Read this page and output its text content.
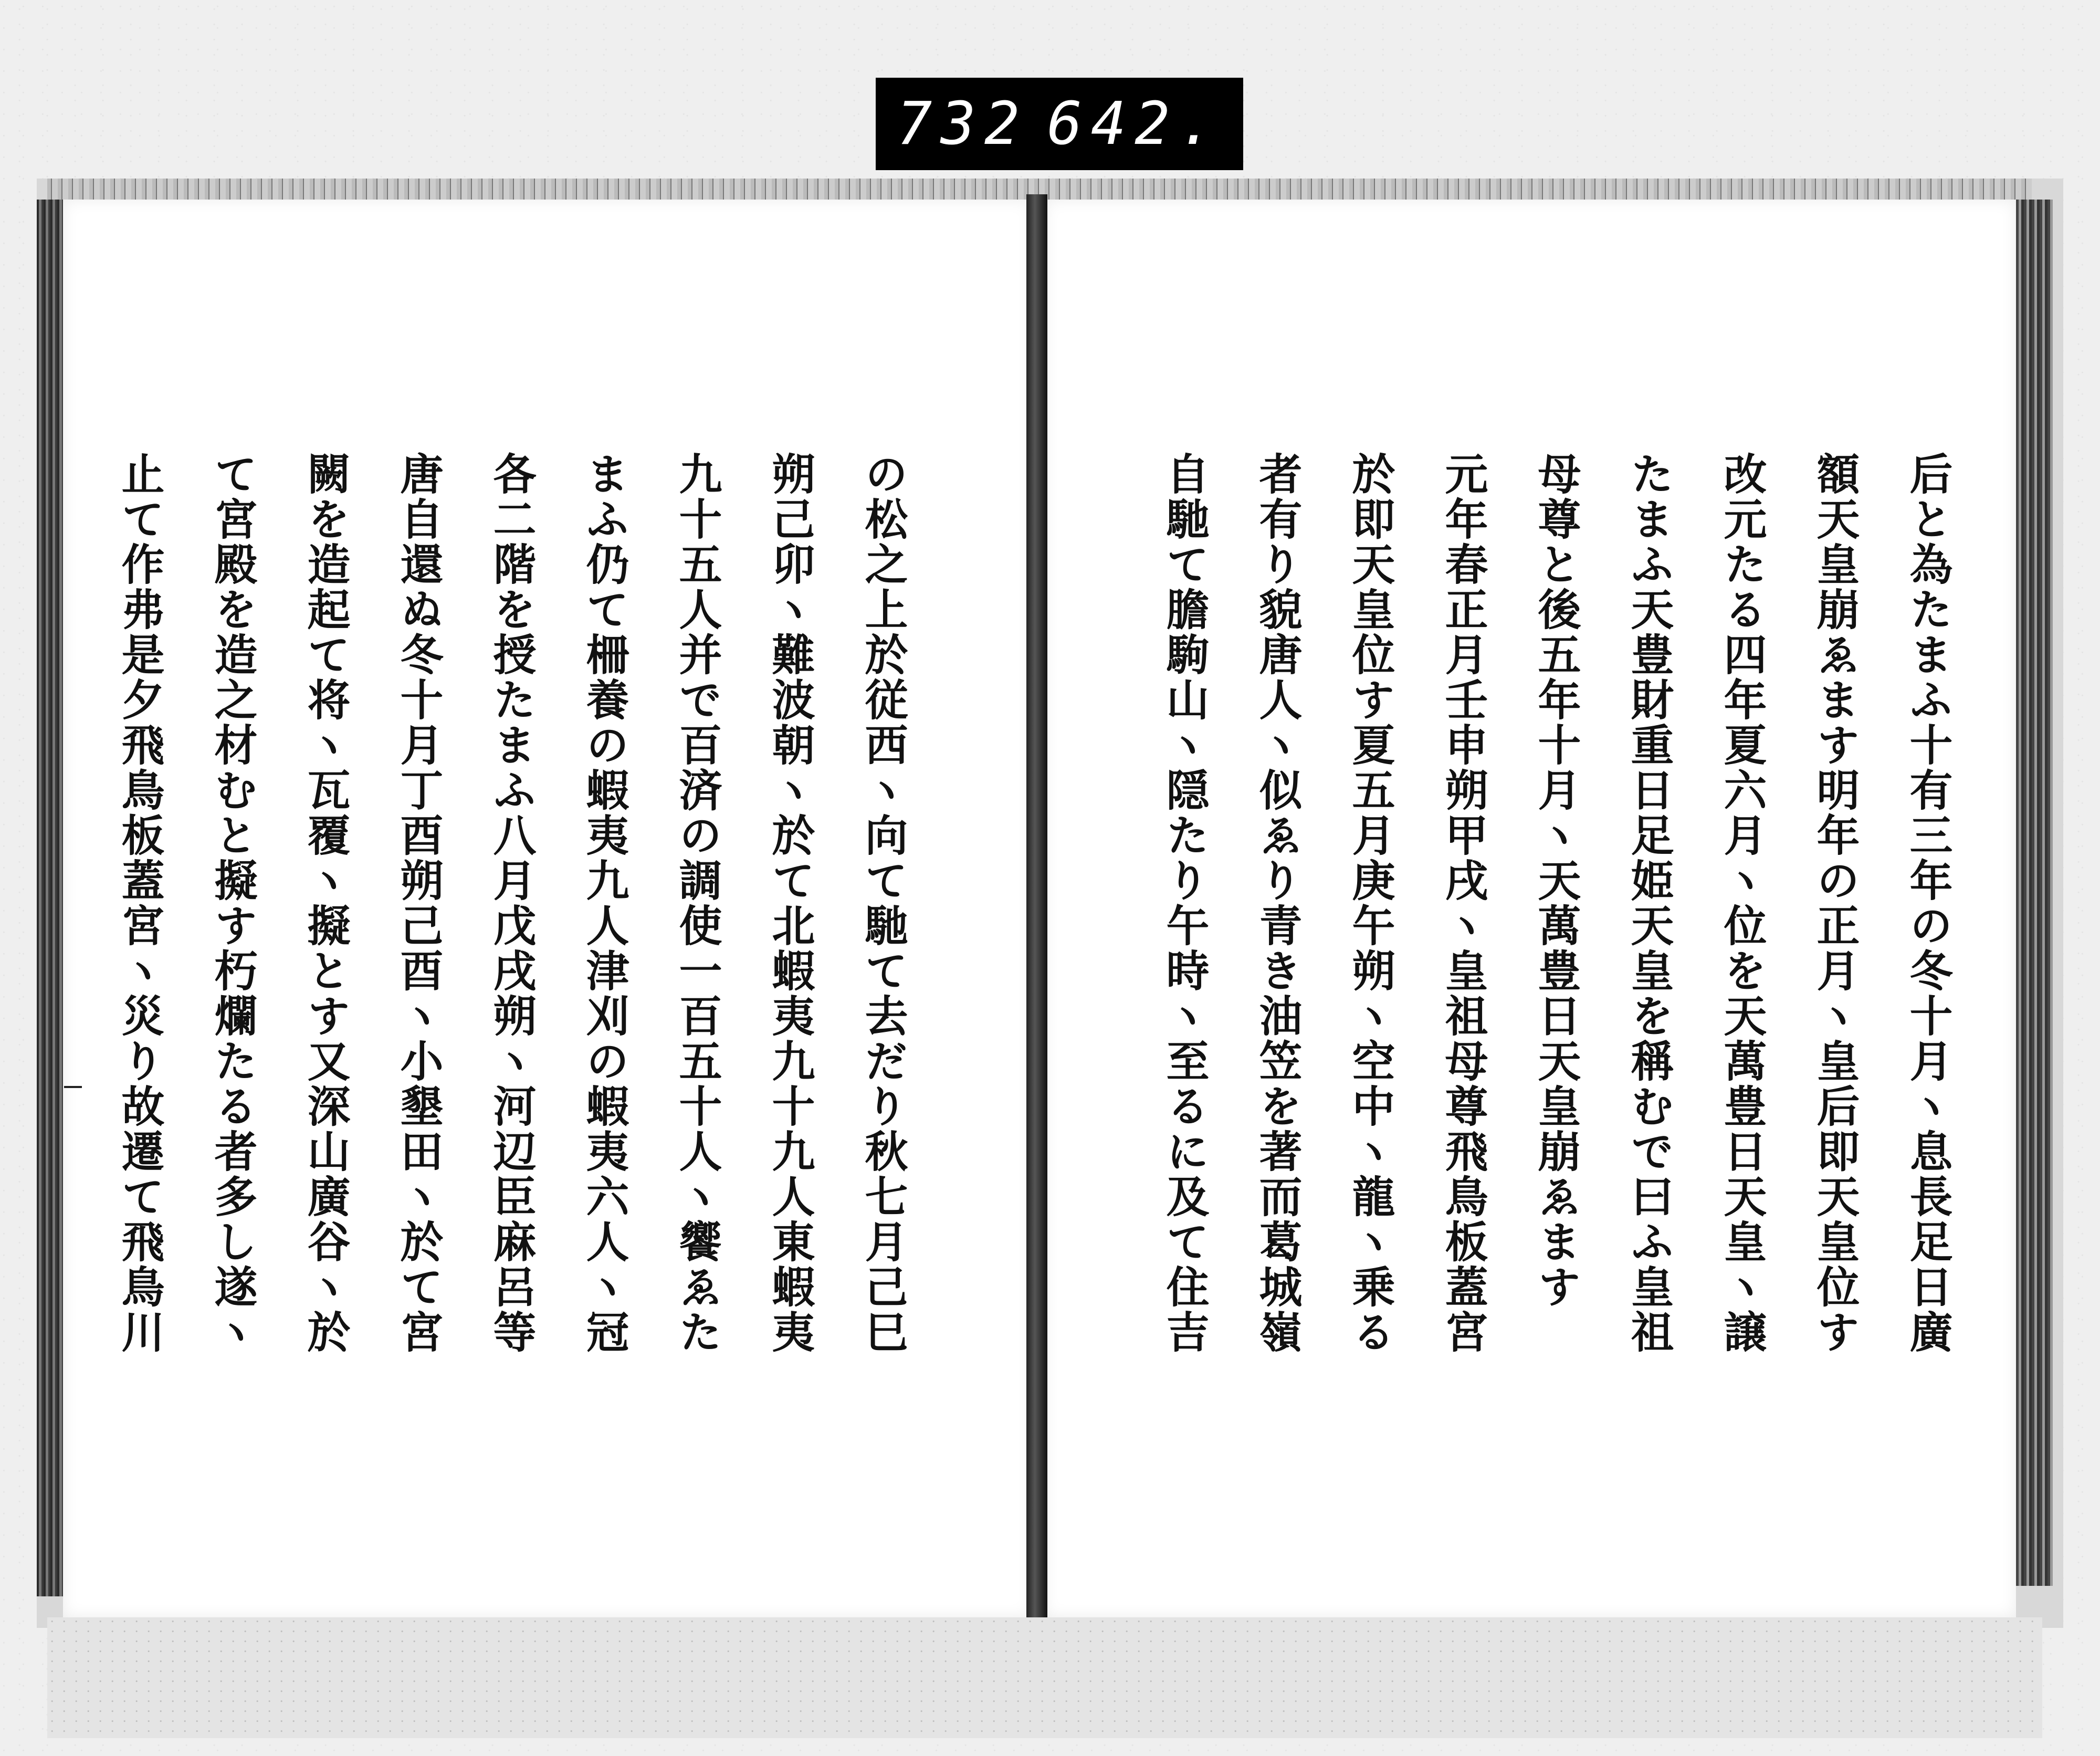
732 642.
の松之上於従西ヽ向て馳て去だり秋七月己巳
朔己卯ヽ難波朝ヽ於て北蝦夷九十九人東蝦夷
九十五人并で百済の調使一百五十人ヽ饗ゑた
まふ仍て柵養の蝦夷九人津刈の蝦夷六人ヽ冠
各二階を授たまふ八月戊戌朔ヽ河辺臣麻呂等
唐自還ぬ冬十月丁酉朔己酉ヽ小墾田ヽ於て宮
闕を造起て将ヽ瓦覆ヽ擬とす又深山廣谷ヽ於
て宮殿を造之材むと擬す朽爛たる者多し遂ヽ
止て作弗是夕飛鳥板蓋宮ヽ災り故遷て飛鳥川	后と為たまふ十有三年の冬十月ヽ息長足日廣
額天皇崩ゑます明年の正月ヽ皇后即天皇位す
改元たる四年夏六月ヽ位を天萬豊日天皇ヽ譲
たまふ天豊財重日足姫天皇を稱むで曰ふ皇祖
母尊と後五年十月ヽ天萬豊日天皇崩ゑます
元年春正月壬申朔甲戌ヽ皇祖母尊飛鳥板蓋宮
於即天皇位す夏五月庚午朔ヽ空中ヽ龍ヽ乗る
者有り貌唐人ヽ似ゑり青き油笠を著而葛城嶺
自馳て膽駒山ヽ隠たり午時ヽ至るに及て住吉
